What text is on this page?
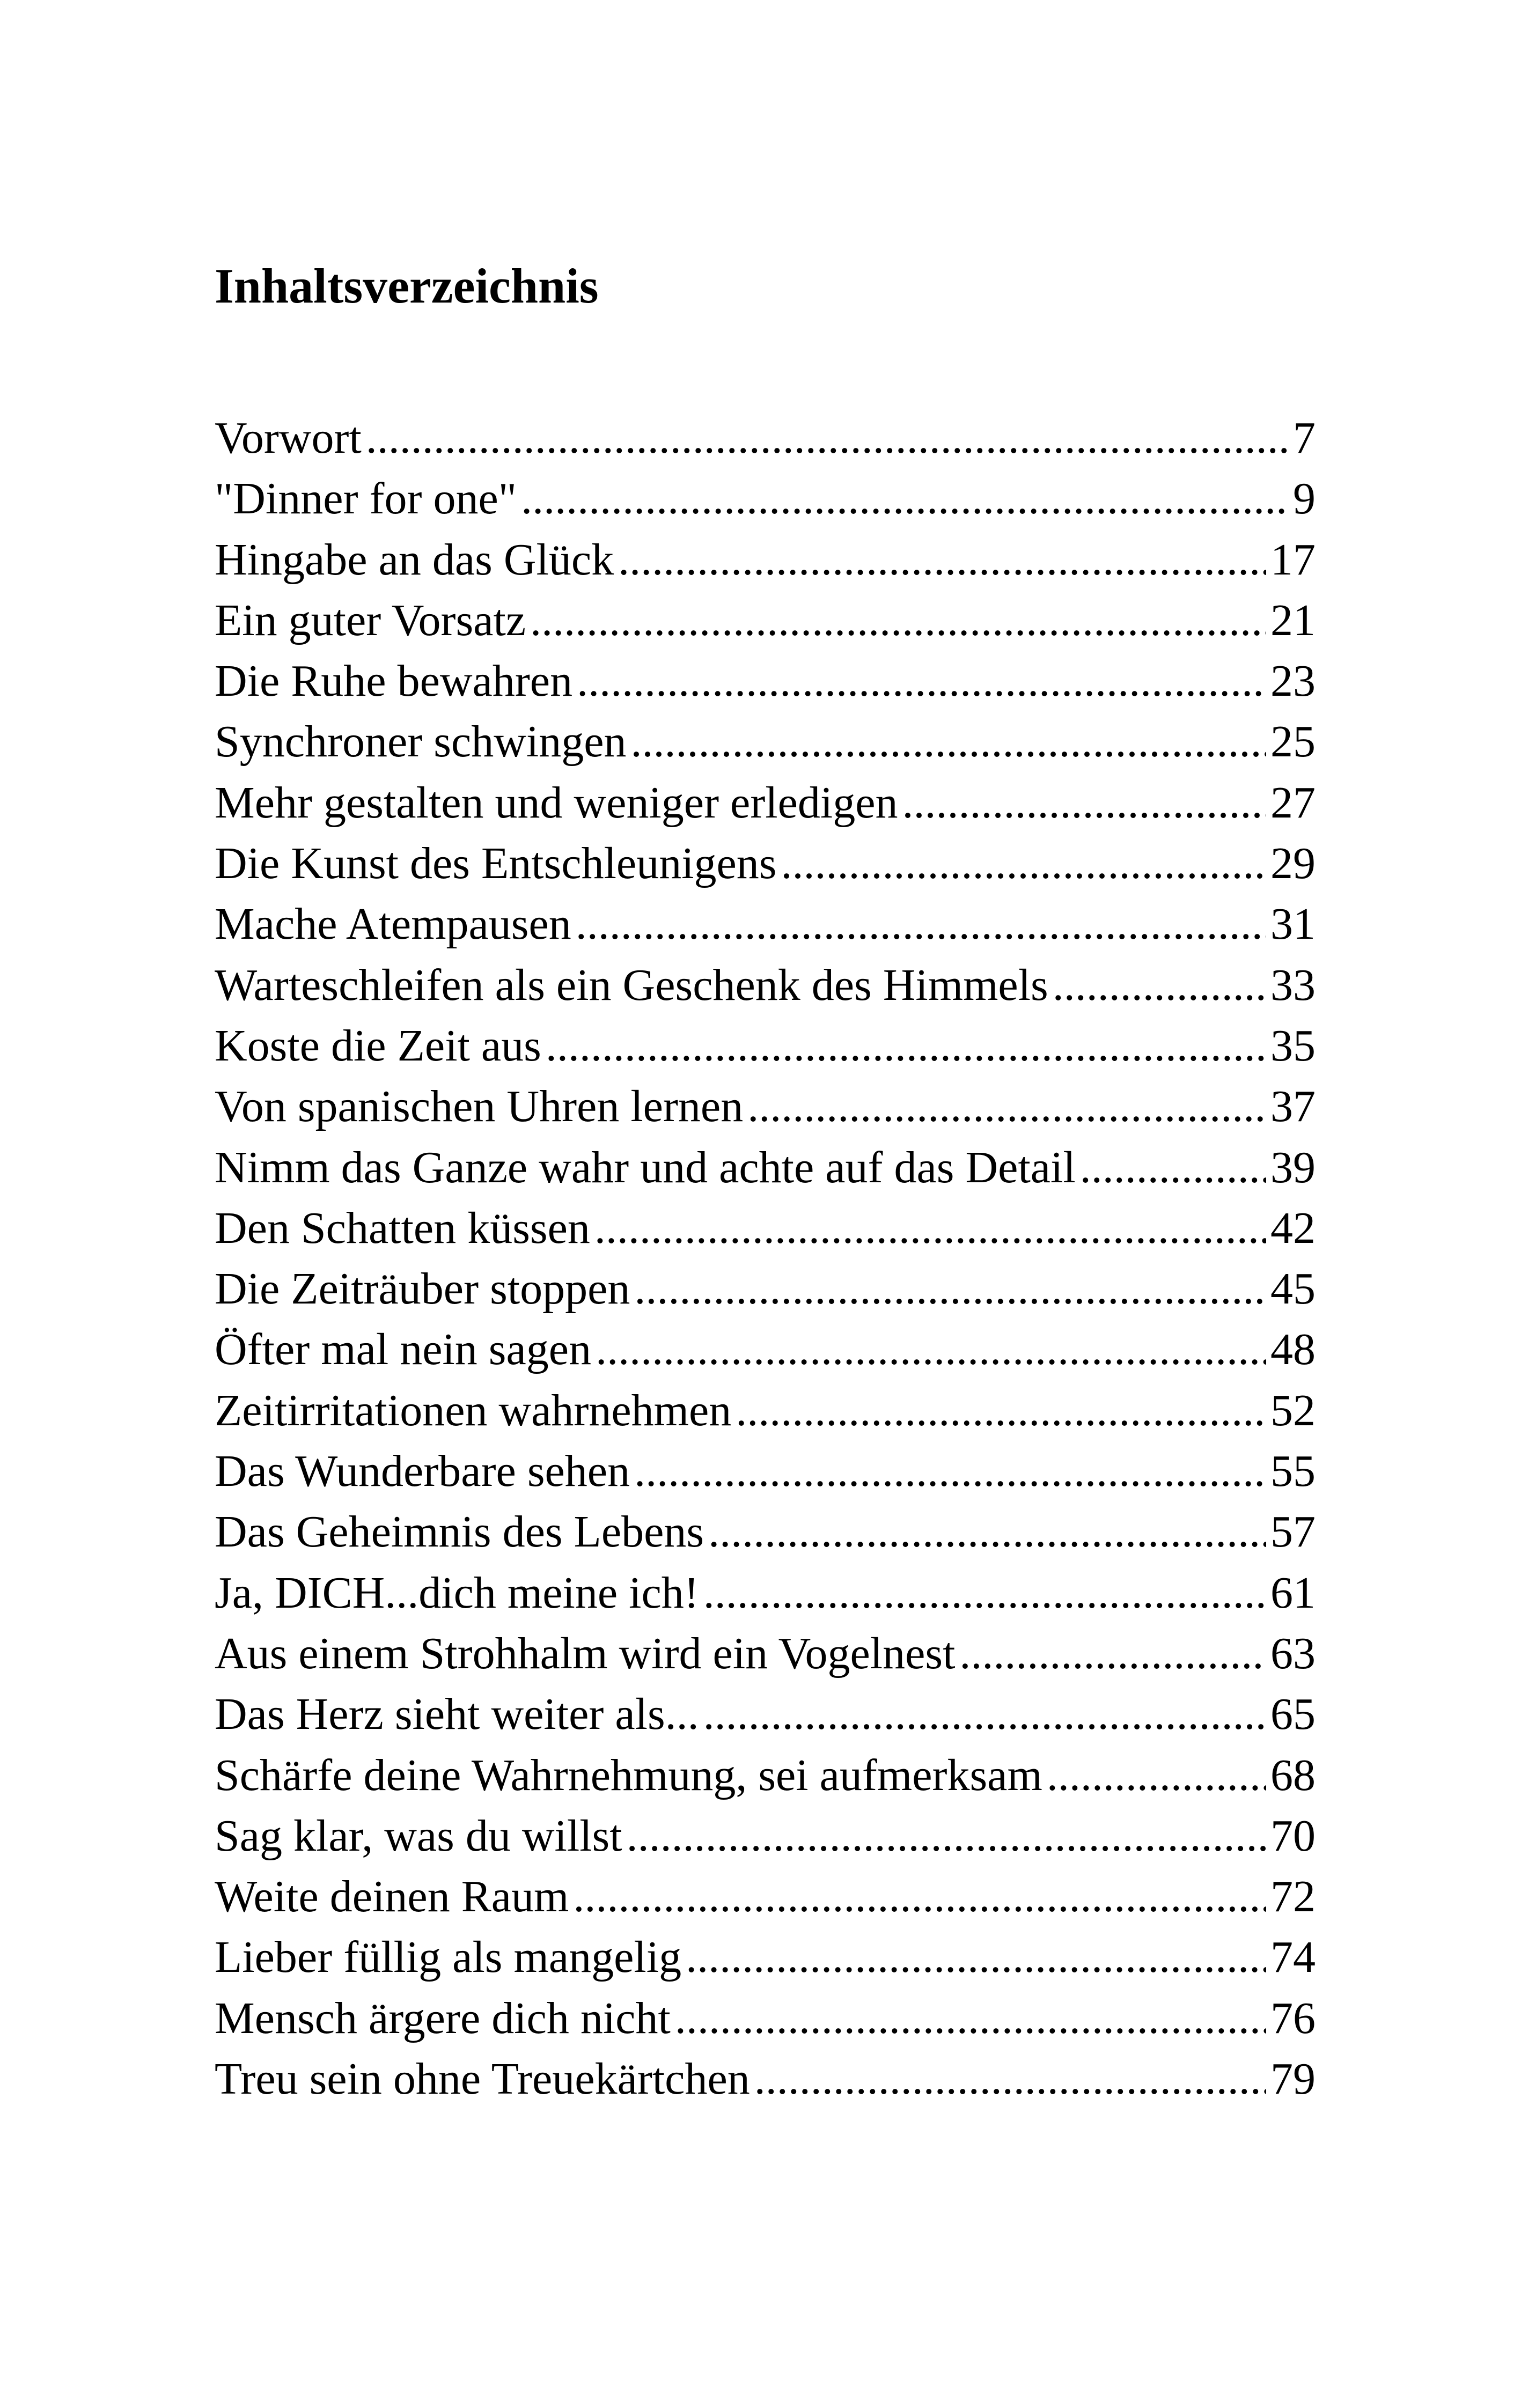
Inhaltsverzeichnis
Vorwort .....	7
"Dinner for one" .....	9
Hingabe an das Glück .....	17
Ein guter Vorsatz .....	21
Die Ruhe bewahren .....	23
Synchroner schwingen .....	25
Mehr gestalten und weniger erledigen .....	27
Die Kunst des Entschleunigens .....	29
Mache Atempausen .....	31
Warteschleifen als ein Geschenk des Himmels .....	33
Koste die Zeit aus .....	35
Von spanischen Uhren lernen .....	37
Nimm das Ganze wahr und achte auf das Detail .....	39
Den Schatten küssen .....	42
Die Zeiträuber stoppen .....	45
Öfter mal nein sagen .....	48
Zeitirritationen wahrnehmen .....	52
Das Wunderbare sehen .....	55
Das Geheimnis des Lebens .....	57
Ja, DICH...dich meine ich! .....	61
Aus einem Strohhalm wird ein Vogelnest .....	63
Das Herz sieht weiter als... .....	65
Schärfe deine Wahrnehmung, sei aufmerksam .....	68
Sag klar, was du willst .....	70
Weite deinen Raum .....	72
Lieber füllig als mangelig .....	74
Mensch ärgere dich nicht .....	76
Treu sein ohne Treuekärtchen .....	79
